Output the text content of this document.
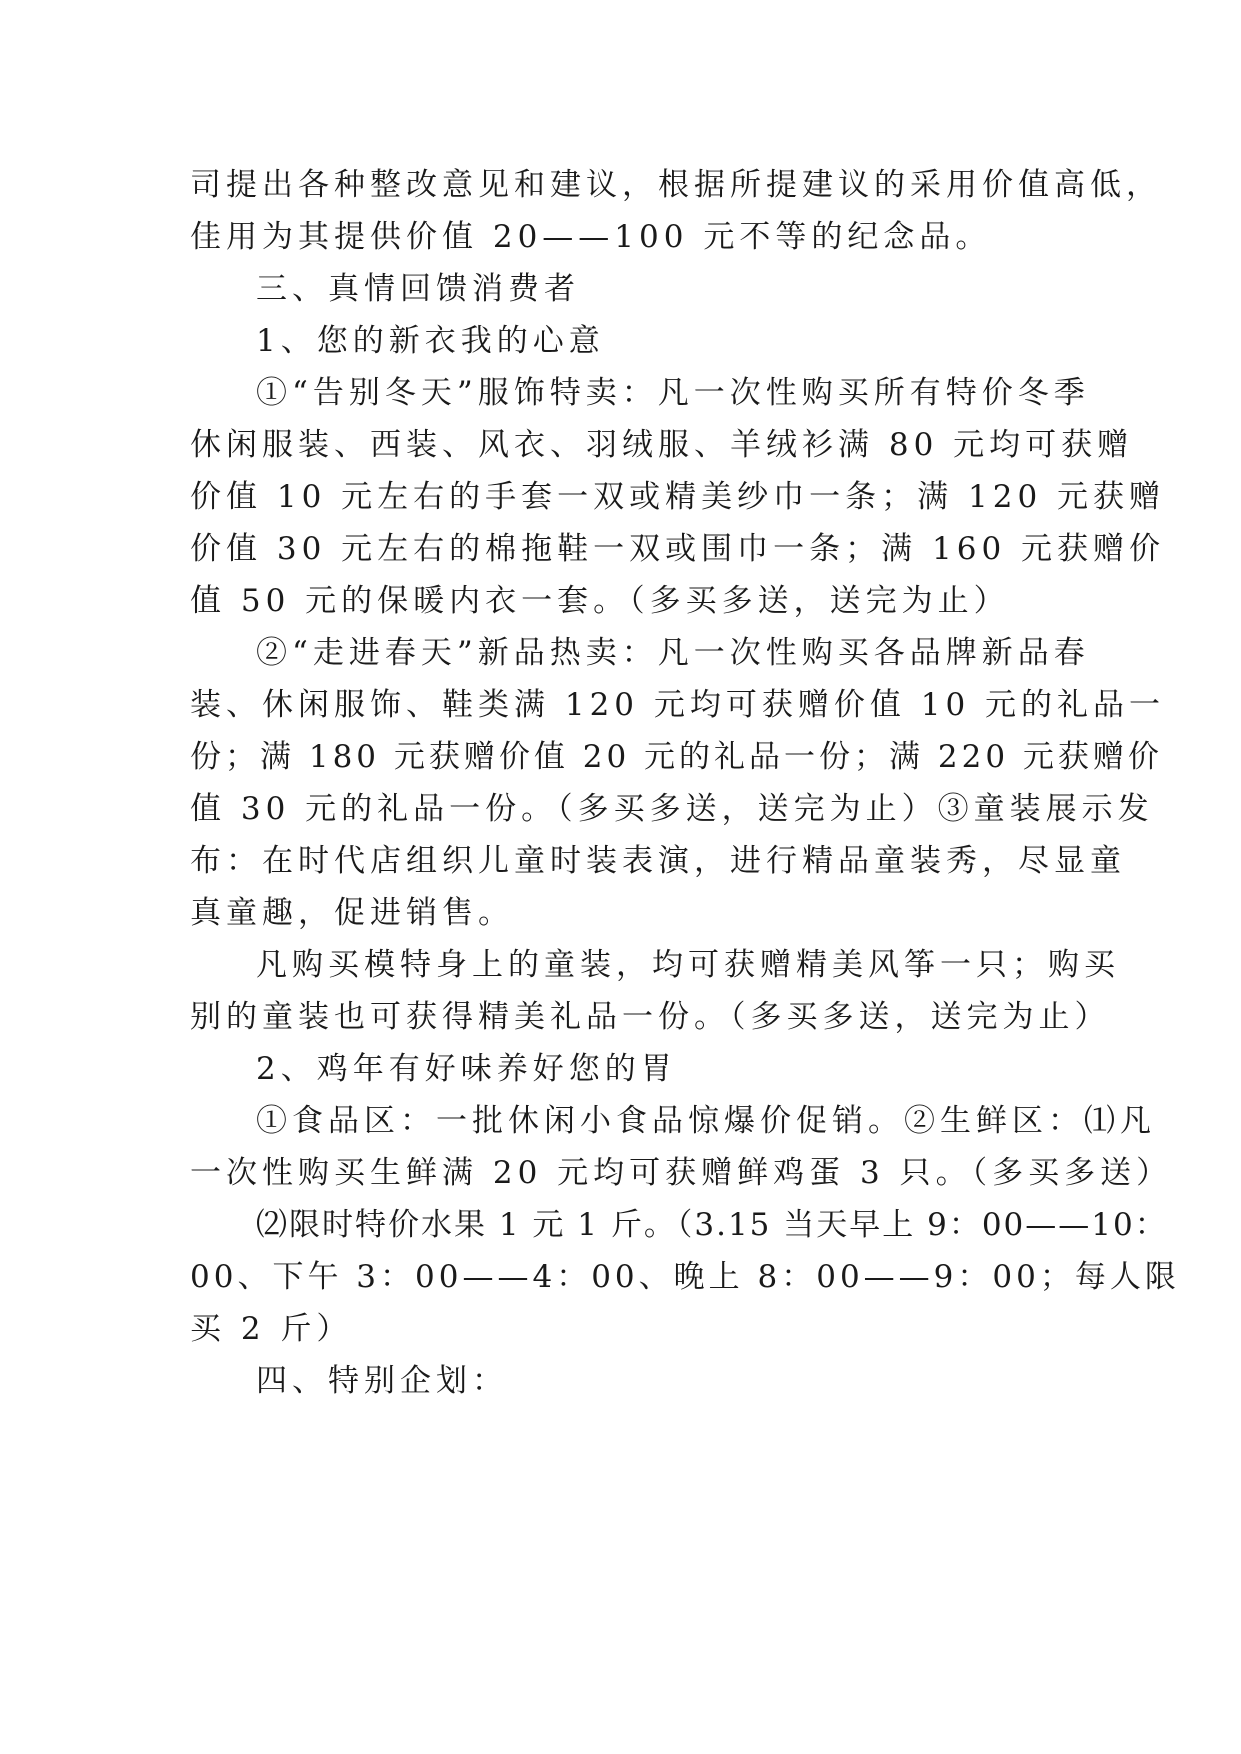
司提出各种整改意见和建议，根据所提建议的采用价值高低，
佳用为其提供价值 20——100 元不等的纪念品。
三、真情回馈消费者
1、您的新衣我的心意
①“告别冬天”服饰特卖：凡一次性购买所有特价冬季
休闲服装、西装、风衣、羽绒服、羊绒衫满 80 元均可获赠
价值 10 元左右的手套一双或精美纱巾一条；满 120 元获赠
价值 30 元左右的棉拖鞋一双或围巾一条；满 160 元获赠价
值 50 元的保暖内衣一套。（多买多送，送完为止）
②“走进春天”新品热卖：凡一次性购买各品牌新品春
装、休闲服饰、鞋类满 120 元均可获赠价值 10 元的礼品一
份；满 180 元获赠价值 20 元的礼品一份；满 220 元获赠价
值 30 元的礼品一份。（多买多送，送完为止）③童装展示发
布：在时代店组织儿童时装表演，进行精品童装秀，尽显童
真童趣，促进销售。
凡购买模特身上的童装，均可获赠精美风筝一只；购买
别的童装也可获得精美礼品一份。（多买多送，送完为止）
2、鸡年有好味养好您的胃
①食品区：一批休闲小食品惊爆价促销。②生鲜区：⑴凡
一次性购买生鲜满 20 元均可获赠鲜鸡蛋 3 只。（多买多送）
⑵限时特价水果 1 元 1 斤。（3.15 当天早上 9：00——10：
00、下午 3：00——4：00、晚上 8：00——9：00；每人限
买 2 斤）
四、特别企划：
